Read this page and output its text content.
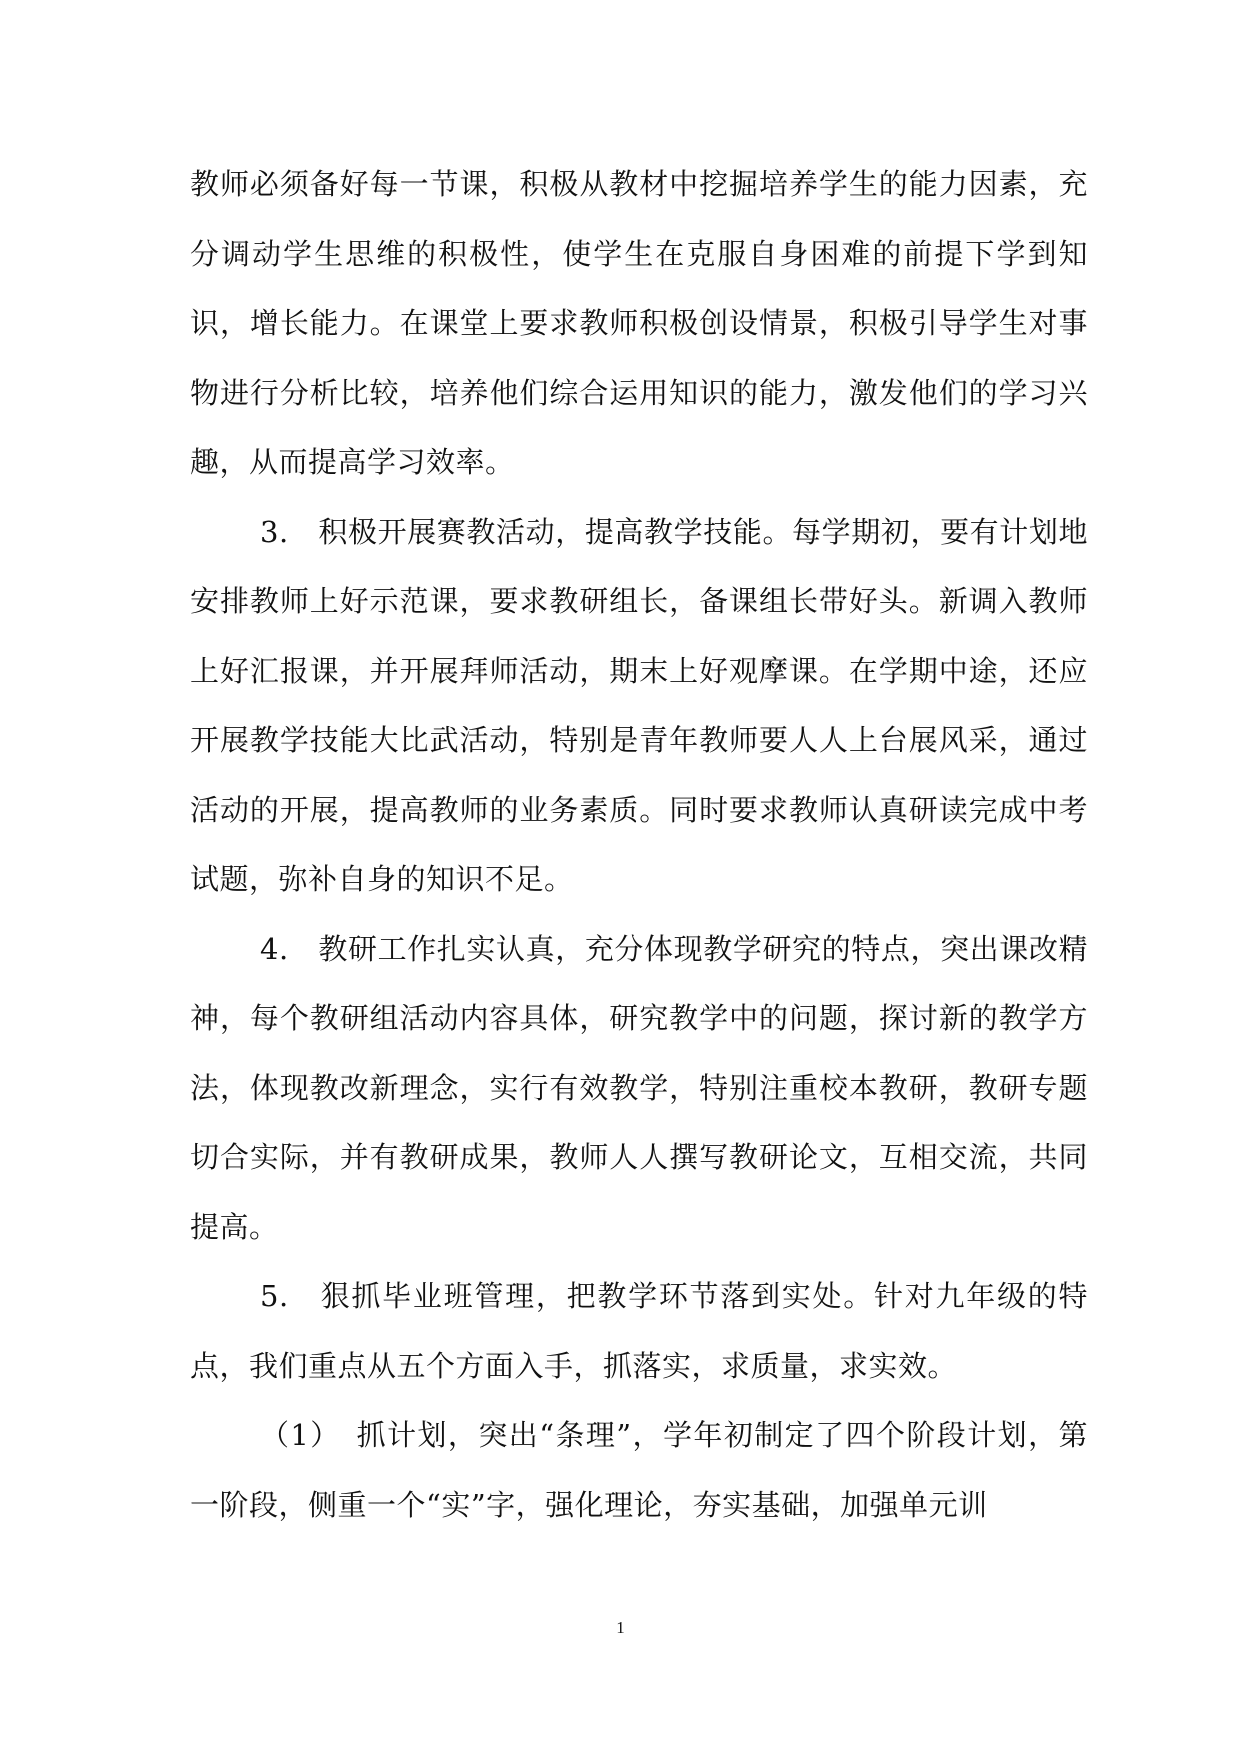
教师必须备好每一节课，积极从教材中挖掘培养学生的能力因素，充分调动学生思维的积极性，使学生在克服自身困难的前提下学到知识，增长能力。在课堂上要求教师积极创设情景，积极引导学生对事物进行分析比较，培养他们综合运用知识的能力，激发他们的学习兴趣，从而提高学习效率。

3.　积极开展赛教活动，提高教学技能。每学期初，要有计划地安排教师上好示范课，要求教研组长，备课组长带好头。新调入教师上好汇报课，并开展拜师活动，期末上好观摩课。在学期中途，还应开展教学技能大比武活动，特别是青年教师要人人上台展风采，通过活动的开展，提高教师的业务素质。同时要求教师认真研读完成中考试题，弥补自身的知识不足。

4.　教研工作扎实认真，充分体现教学研究的特点，突出课改精神，每个教研组活动内容具体，研究教学中的问题，探讨新的教学方法，体现教改新理念，实行有效教学，特别注重校本教研，教研专题切合实际，并有教研成果，教师人人撰写教研论文，互相交流，共同提高。

5.　狠抓毕业班管理，把教学环节落到实处。针对九年级的特点，我们重点从五个方面入手，抓落实，求质量，求实效。

（1）　抓计划，突出“条理”，学年初制定了四个阶段计划，第一阶段，侧重一个“实”字，强化理论，夯实基础，加强单元训

1
